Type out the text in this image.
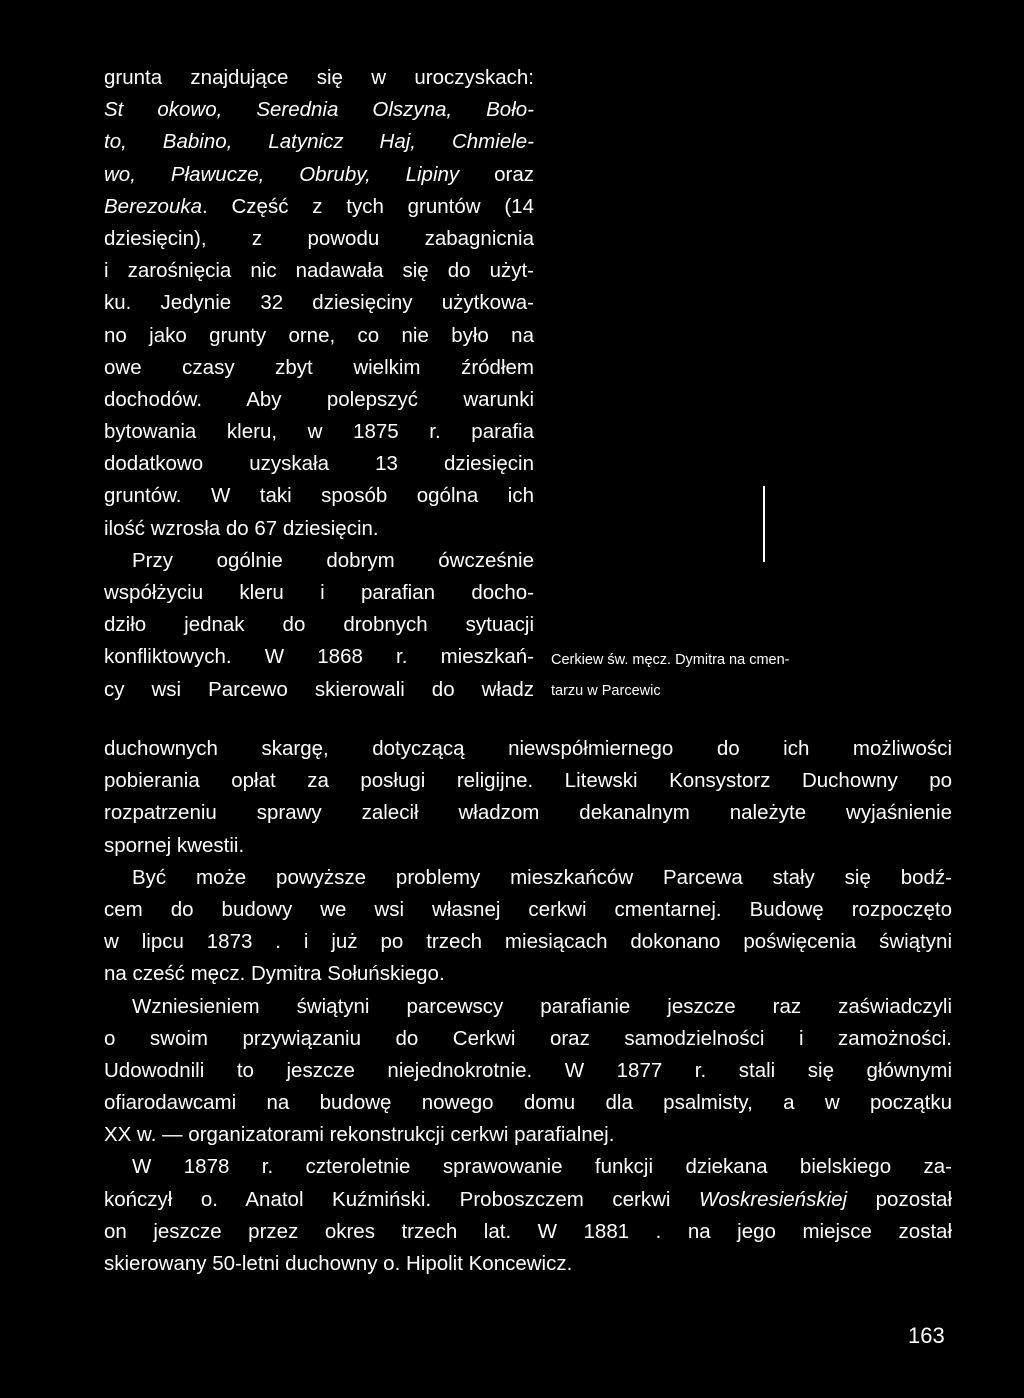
grunta znajdujące się w uroczyskach:
St okowo, Serednia Olszyna, Boło-
to, Babino, Latynicz Haj, Chmiele-
wo, Pławucze, Obruby, Lipiny oraz
Berezouka. Część z tych gruntów (14
dziesięcin), z powodu zabagnicnia
i zarośnięcia nic nadawała się do użyt-
ku. Jedynie 32 dziesięciny użytkowa-
no jako grunty orne, co nie było na
owe czasy zbyt wielkim źródłem
dochodów. Aby polepszyć warunki
bytowania kleru, w 1875 r. parafia
dodatkowo uzyskała 13 dziesięcin
gruntów. W taki sposób ogólna ich
ilość wzrosła do 67 dziesięcin.
Przy ogólnie dobrym ówcześnie
współżyciu kleru i parafian docho-
dziło jednak do drobnych sytuacji
konfliktowych. W 1868 r. mieszkań-
cy wsi Parcewo skierowali do władz
Cerkiew św. męcz. Dymitra na cmen-
tarzu w Parcewic
duchownych skargę, dotyczącą niewspółmiernego do ich możliwości
pobierania opłat za posługi religijne. Litewski Konsystorz Duchowny po
rozpatrzeniu sprawy zalecił władzom dekanalnym należyte wyjaśnienie
spornej kwestii.
Być może powyższe problemy mieszkańców Parcewa stały się bodź-
cem do budowy we wsi własnej cerkwi cmentarnej. Budowę rozpoczęto
w lipcu 1873 . i już po trzech miesiącach dokonano poświęcenia świątyni
na cześć męcz. Dymitra Sołuńskiego.
Wzniesieniem świątyni parcewscy parafianie jeszcze raz zaświadczyli
o swoim przywiązaniu do Cerkwi oraz samodzielności i zamożności.
Udowodnili to jeszcze niejednokrotnie. W 1877 r. stali się głównymi
ofiarodawcami na budowę nowego domu dla psalmisty, a w początku
XX w. — organizatorami rekonstrukcji cerkwi parafialnej.
W 1878 r. czteroletnie sprawowanie funkcji dziekana bielskiego za-
kończył o. Anatol Kuźmiński. Proboszczem cerkwi Woskresieńskiej pozostał
on jeszcze przez okres trzech lat. W 1881 . na jego miejsce został
skierowany 50-letni duchowny o. Hipolit Koncewicz.
163
